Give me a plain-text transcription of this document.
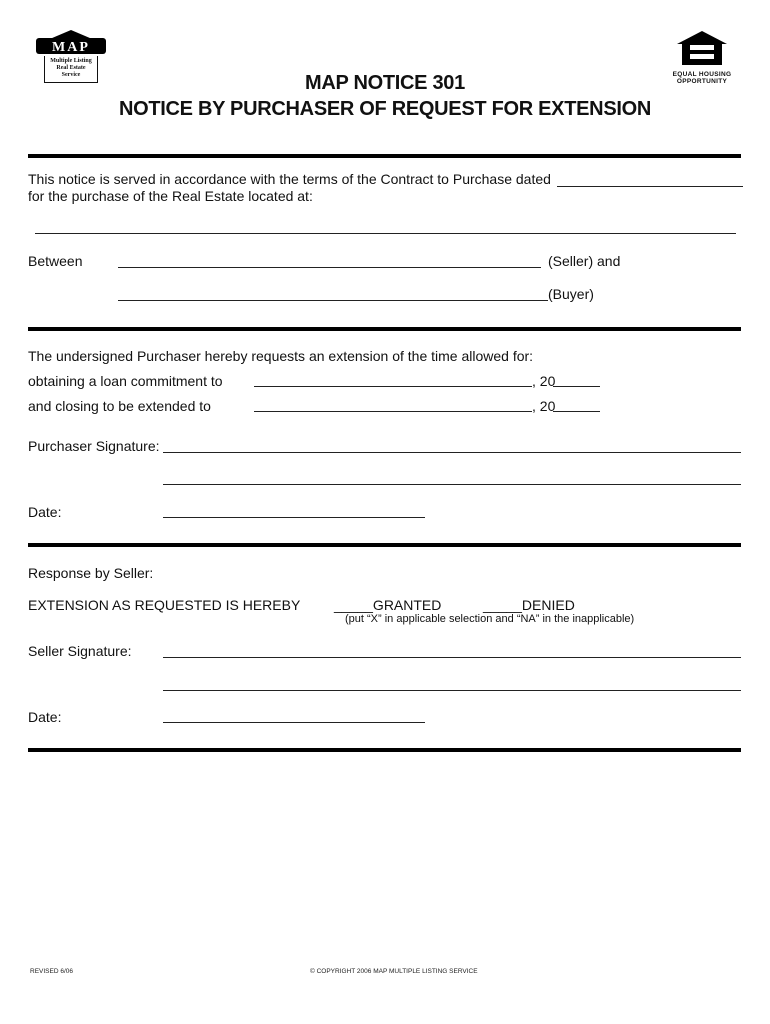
MAP
Multiple Listing
Real Estate
Service	EQUAL HOUSING
OPPORTUNITY
MAP NOTICE 301
NOTICE BY PURCHASER OF REQUEST FOR EXTENSION
This notice is served in accordance with the terms of the Contract to Purchase dated
for the purchase of the Real Estate located at:
Between	(Seller) and
(Buyer)
The undersigned Purchaser hereby requests an extension of the time allowed for:
obtaining a loan commitment to	, 20
and closing to be extended to	, 20
Purchaser Signature:
Date:
Response by Seller:
EXTENSION AS REQUESTED IS HEREBY _____GRANTED	_____DENIED
(put “X” in applicable selection and “NA” in the inapplicable)
Seller Signature:
Date:
REVISED 6/06	© COPYRIGHT 2006 MAP MULTIPLE LISTING SERVICE
